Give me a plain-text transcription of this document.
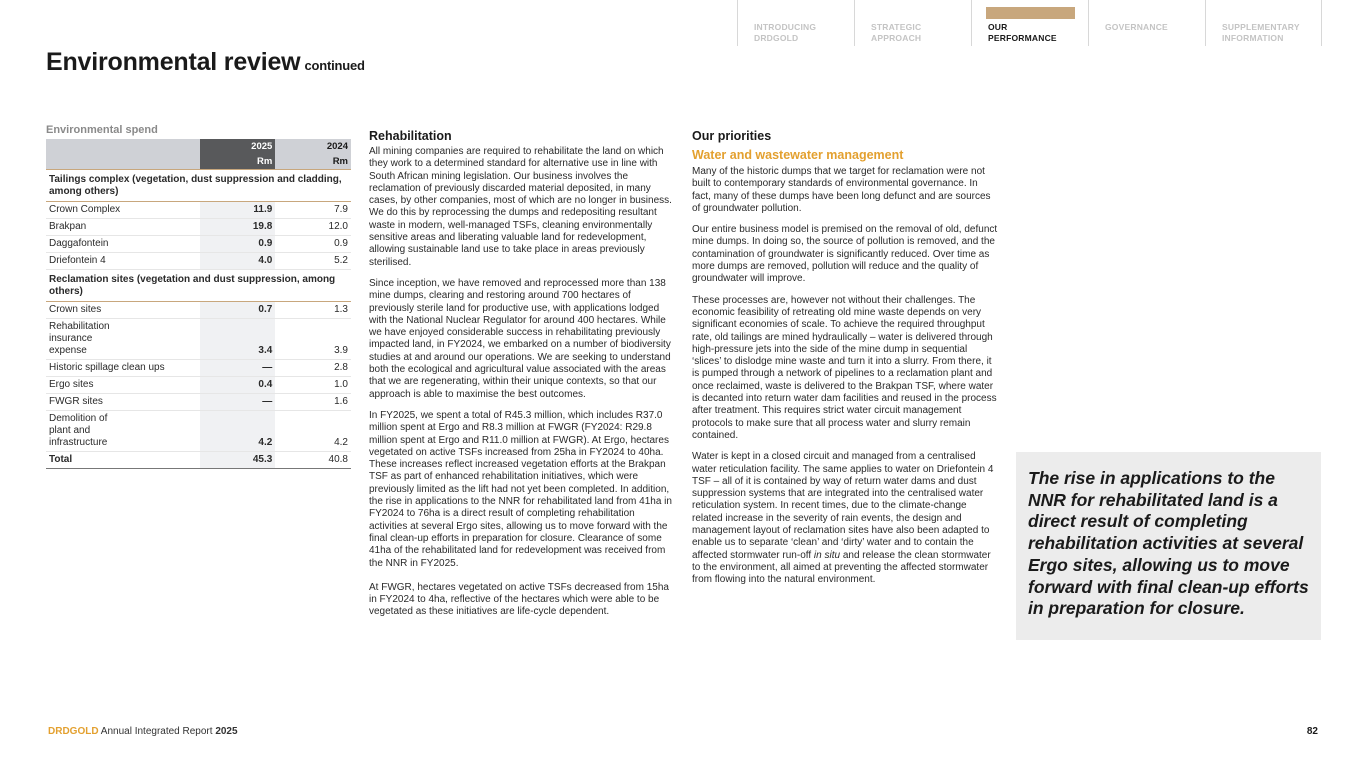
INTRODUCING
DRDGOLD
STRATEGIC
APPROACH
OUR
PERFORMANCE
GOVERNANCE	SUPPLEMENTARY
INFORMATION
Environmental review continued
Environmental spend
	2025	2024
	Rm	Rm
Tailings complex (vegetation, dust suppression and cladding, among others)		
Crown Complex	11.9	7.9
Brakpan	19.8	12.0
Daggafontein	0.9	0.9
Driefontein 4	4.0	5.2
Reclamation sites (vegetation and dust suppression, among others)		
Crown sites	0.7	1.3
Rehabilitation insurance expense	3.4	3.9
Historic spillage clean ups	—	2.8
Ergo sites	0.4	1.0
FWGR sites	—	1.6
Demolition of plant and infrastructure	4.2	4.2
Total	45.3	40.8
Rehabilitation

All mining companies are required to rehabilitate the land on which they work to a determined standard for alternative use in line with South African mining legislation. Our business involves the reclamation of previously discarded material deposited, in many cases, by other companies, most of which are no longer in business. We do this by reprocessing the dumps and redepositing resultant waste in modern, well-managed TSFs, cleaning environmentally sensitive areas and liberating valuable land for redevelopment, allowing sustainable land use to take place in areas previously sterilised.

Since inception, we have removed and reprocessed more than 138 mine dumps, clearing and restoring around 700 hectares of previously sterile land for productive use, with applications lodged with the National Nuclear Regulator for around 400 hectares. While we have enjoyed considerable success in rehabilitating previously impacted land, in FY2024, we embarked on a number of biodiversity studies at and around our operations. We are seeking to understand both the ecological and agricultural value associated with the areas that we are regenerating, within their unique contexts, so that our approach is able to maximise the best outcomes.

In FY2025, we spent a total of R45.3 million, which includes R37.0 million spent at Ergo and R8.3 million at FWGR (FY2024: R29.8 million spent at Ergo and R11.0 million at FWGR). At Ergo, hectares vegetated on active TSFs increased from 25ha in FY2024 to 40ha. These increases reflect increased vegetation efforts at the Brakpan TSF as part of enhanced rehabilitation initiatives, which were previously limited as the lift had not yet been completed. In addition, the rise in applications to the NNR for rehabilitated land from 41ha in FY2024 to 76ha is a direct result of completing rehabilitation activities at several Ergo sites, allowing us to move forward with the final clean-up efforts in preparation for closure. Clearance of some 41ha of the rehabilitated land for redevelopment was received from the NNR in FY2025.

At FWGR, hectares vegetated on active TSFs decreased from 15ha in FY2024 to 4ha, reflective of the hectares which were able to be vegetated as these initiatives are life-cycle dependent.

Our priorities
Water and wastewater management

Many of the historic dumps that we target for reclamation were not built to contemporary standards of environmental governance. In fact, many of these dumps have been long defunct and are sources of groundwater pollution.

Our entire business model is premised on the removal of old, defunct mine dumps. In doing so, the source of pollution is removed, and the contamination of groundwater is significantly reduced. Over time as more dumps are removed, pollution will reduce and the quality of groundwater will improve.

These processes are, however not without their challenges. The economic feasibility of retreating old mine waste depends on very significant economies of scale. To achieve the required throughput rate, old tailings are mined hydraulically – water is delivered through high-pressure jets into the side of the mine dump in sequential ‘slices’ to dislodge mine waste and turn it into a slurry. From there, it is pumped through a network of pipelines to a reclamation plant and once reclaimed, waste is delivered to the Brakpan TSF, where water is decanted into return water dam facilities and reused in the process after treatment. This requires strict water circuit management protocols to make sure that all process water and slurry remain contained.

Water is kept in a closed circuit and managed from a centralised water reticulation facility. The same applies to water on Driefontein 4 TSF – all of it is contained by way of return water dams and dust suppression systems that are integrated into the centralised water reticulation system. In recent times, due to the climate-change related increase in the severity of rain events, the design and management layout of reclamation sites have also been adapted to enable us to separate ‘clean’ and ‘dirty’ water and to contain the affected stormwater run-off in situ and release the clean stormwater to the environment, all aimed at preventing the affected stormwater from flowing into the natural environment.

The rise in applications to the NNR for rehabilitated land is a direct result of completing rehabilitation activities at several Ergo sites, allowing us to move forward with final clean-up efforts in preparation for closure.
DRDGOLD Annual Integrated Report 2025	82
